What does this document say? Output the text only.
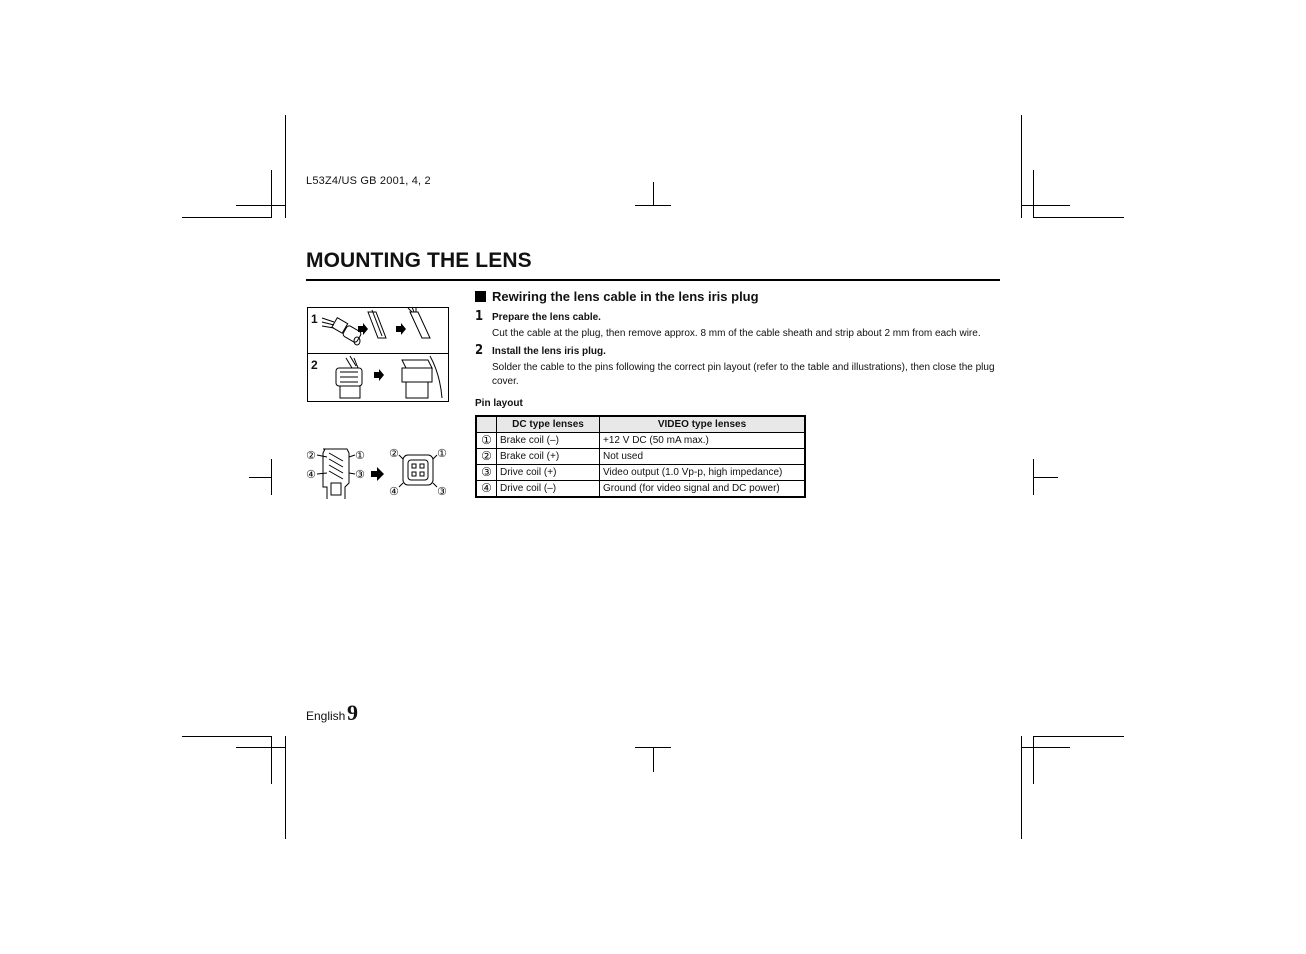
L53Z4/US GB 2001, 4, 2
MOUNTING THE LENS
Rewiring the lens cable in the lens iris plug
1 Prepare the lens cable.
Cut the cable at the plug, then remove approx. 8 mm of the cable sheath and strip about 2 mm from each wire.
2 Install the lens iris plug.
Solder the cable to the pins following the correct pin layout (refer to the table and illustrations), then close the plug cover.
Pin layout
	DC type lenses	VIDEO type lenses
①	Brake coil (–)	+12 V DC (50 mA max.)
②	Brake coil (+)	Not used
③	Drive coil (+)	Video output (1.0 Vp-p, high impedance)
④	Drive coil (–)	Ground (for video signal and DC power)
1
2
②	①
④	③
②	①
④	③
English 9
